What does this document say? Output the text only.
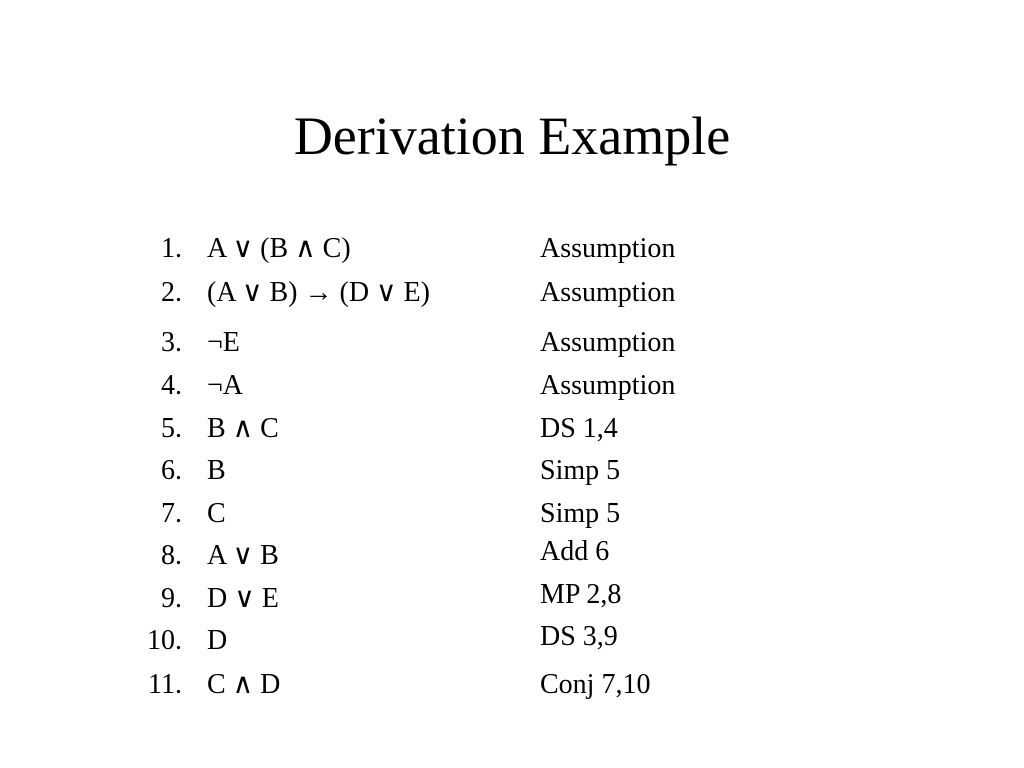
Derivation Example
1. A ∨ (B ∧ C)	Assumption
2. (A ∨ B) → (D ∨ E)	Assumption
3. ¬E	Assumption
4. ¬A	Assumption
5. B ∧ C	DS 1,4
6. B	Simp 5
7. C	Simp 5
8. A ∨ B	Add 6
9. D ∨ E	MP 2,8
10. D	DS 3,9
11. C ∧ D	Conj 7,10
